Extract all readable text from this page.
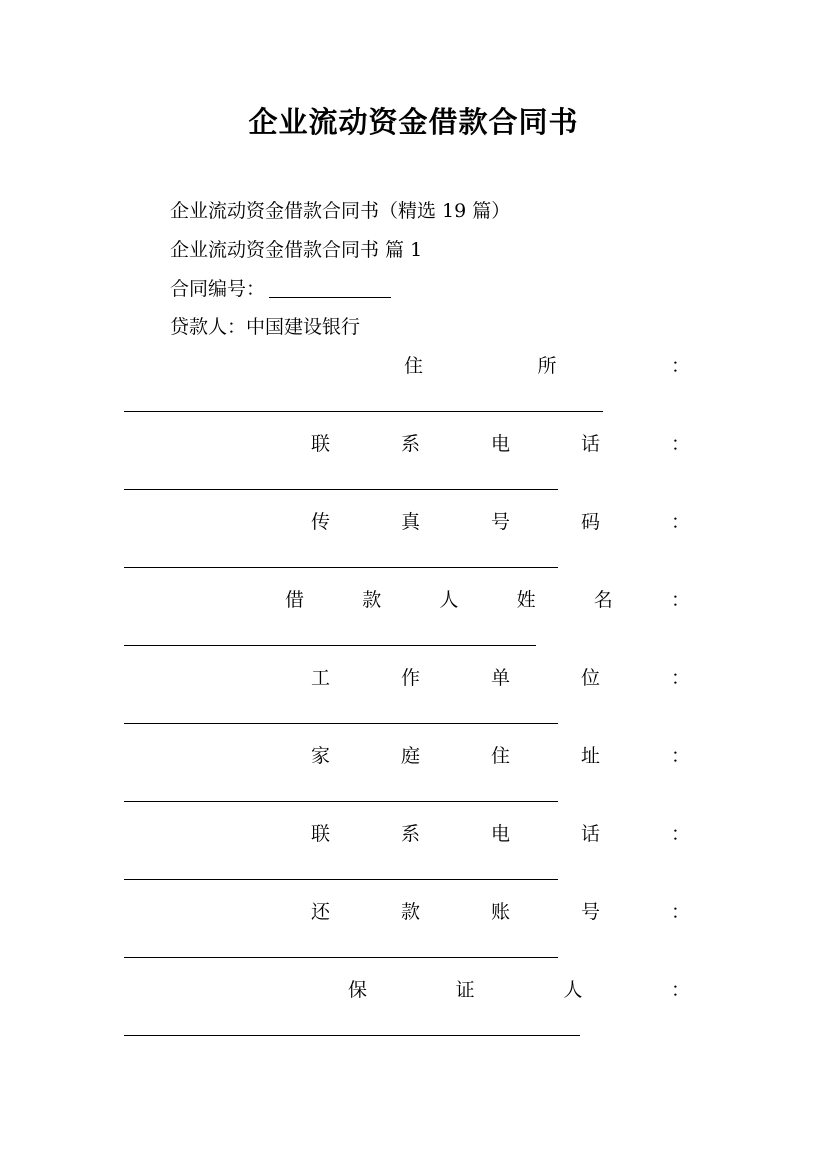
企业流动资金借款合同书
企业流动资金借款合同书（精选 19 篇）
企业流动资金借款合同书 篇 1
合同编号：
贷款人：中国建设银行
住	所	：
联	系	电	话	：
传	真	号	码	：
借	款	人	姓	名	：
工	作	单	位	：
家	庭	住	址	：
联	系	电	话	：
还	款	账	号	：
保	证	人	：
